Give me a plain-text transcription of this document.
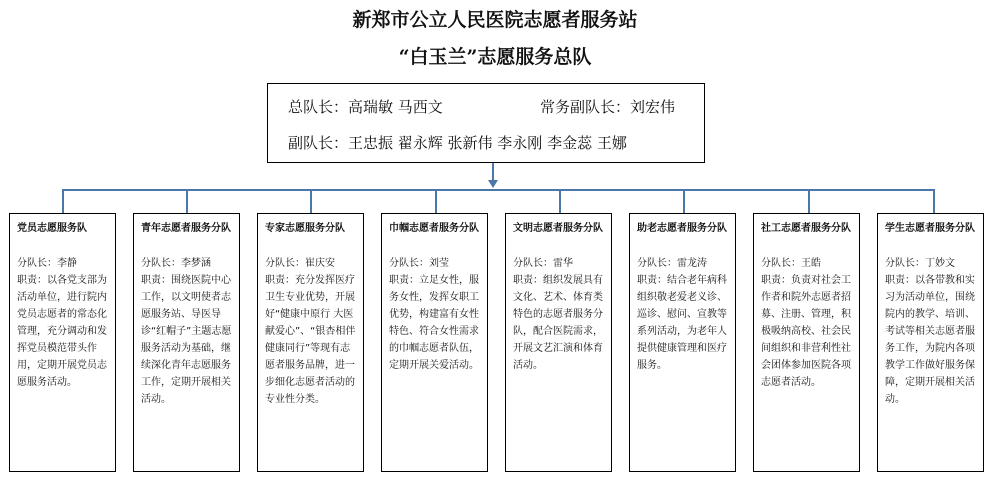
新郑市公立人民医院志愿者服务站
“白玉兰”志愿服务总队
总队长：高瑞敏 马西文	常务副队长：刘宏伟
副队长：王忠振 翟永辉 张新伟 李永刚 李金蕊 王娜
党员志愿服务队

分队长：李静

职责：以各党支部为活动单位，进行院内党员志愿者的常态化管理，充分调动和发挥党员模范带头作用，定期开展党员志愿服务活动。

青年志愿者服务分队

分队长：李梦涵

职责：围绕医院中心工作，以文明使者志愿服务站、导医导诊“红帽子”主题志愿服务活动为基础，继续深化青年志愿服务工作，定期开展相关活动。

专家志愿服务分队

分队长：崔庆安

职责：充分发挥医疗卫生专业优势，开展好“健康中原行 大医献爱心”、“银杏相伴 健康同行”等现有志愿者服务品牌，进一步细化志愿者活动的专业性分类。

巾帼志愿者服务分队

分队长：刘莹

职责：立足女性，服务女性，发挥女职工优势，构建富有女性特色、符合女性需求的巾帼志愿者队伍，定期开展关爱活动。

文明志愿者服务分队

分队长：雷华

职责：组织发展具有文化、艺术、体育类特色的志愿者服务分队，配合医院需求，开展文艺汇演和体育活动。

助老志愿者服务分队

分队长：雷龙涛

职责：结合老年病科组织敬老爱老义诊、巡诊、慰问、宣教等系列活动，为老年人提供健康管理和医疗服务。

社工志愿者服务分队

分队长：王皓

职责：负责对社会工作者和院外志愿者招募、注册、管理，积极吸纳高校、社会民间组织和非营利性社会团体参加医院各项志愿者活动。

学生志愿者服务分队

分队长：丁妙文

职责：以各带教和实习为活动单位，围绕院内的教学、培训、考试等相关志愿者服务工作，为院内各项教学工作做好服务保障，定期开展相关活动。
